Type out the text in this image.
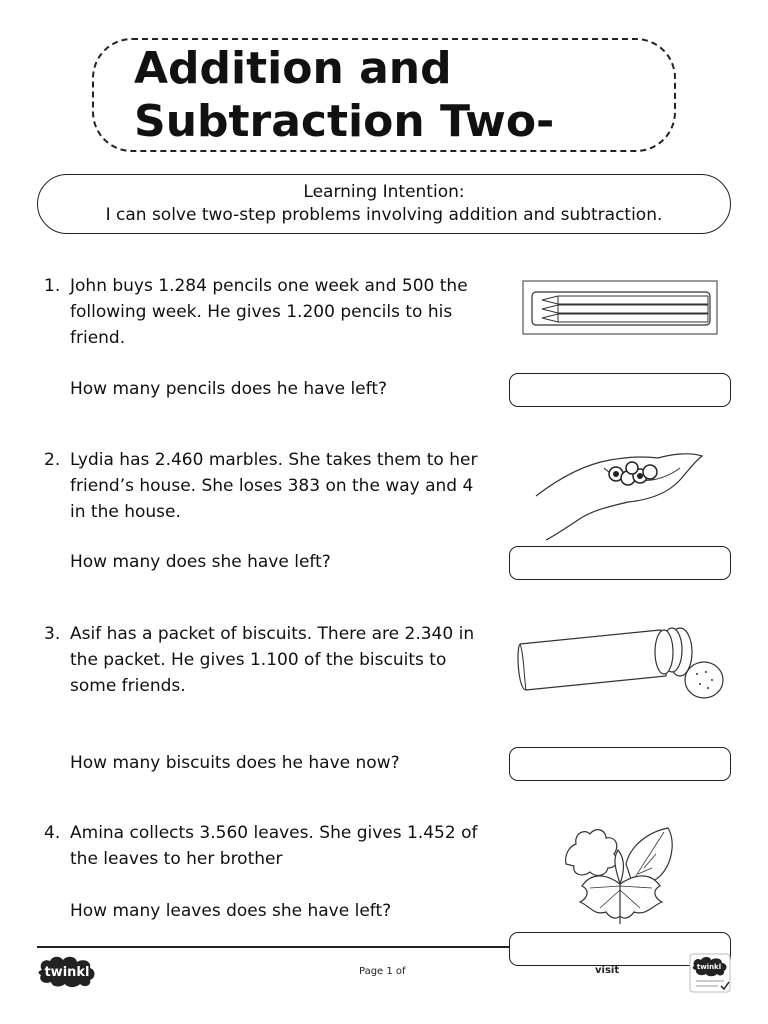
Addition and
Subtraction Two-
Learning Intention:
I can solve two-step problems involving addition and subtraction.
1. John buys 1.284 pencils one week and 500 the following week. He gives 1.200 pencils to his friend.
How many pencils does he have left?
2. Lydia has 2.460 marbles. She takes them to her friend’s house. She loses 383 on the way and 4 in the house.
How many does she have left?
3. Asif has a packet of biscuits. There are 2.340 in the packet. He gives 1.100 of the biscuits to some friends.
How many biscuits does he have now?
4. Amina collects 3.560 leaves. She gives 1.452 of the leaves to her brother
How many leaves does she have left?
twinkl	Page 1 of	visit	twinkl
